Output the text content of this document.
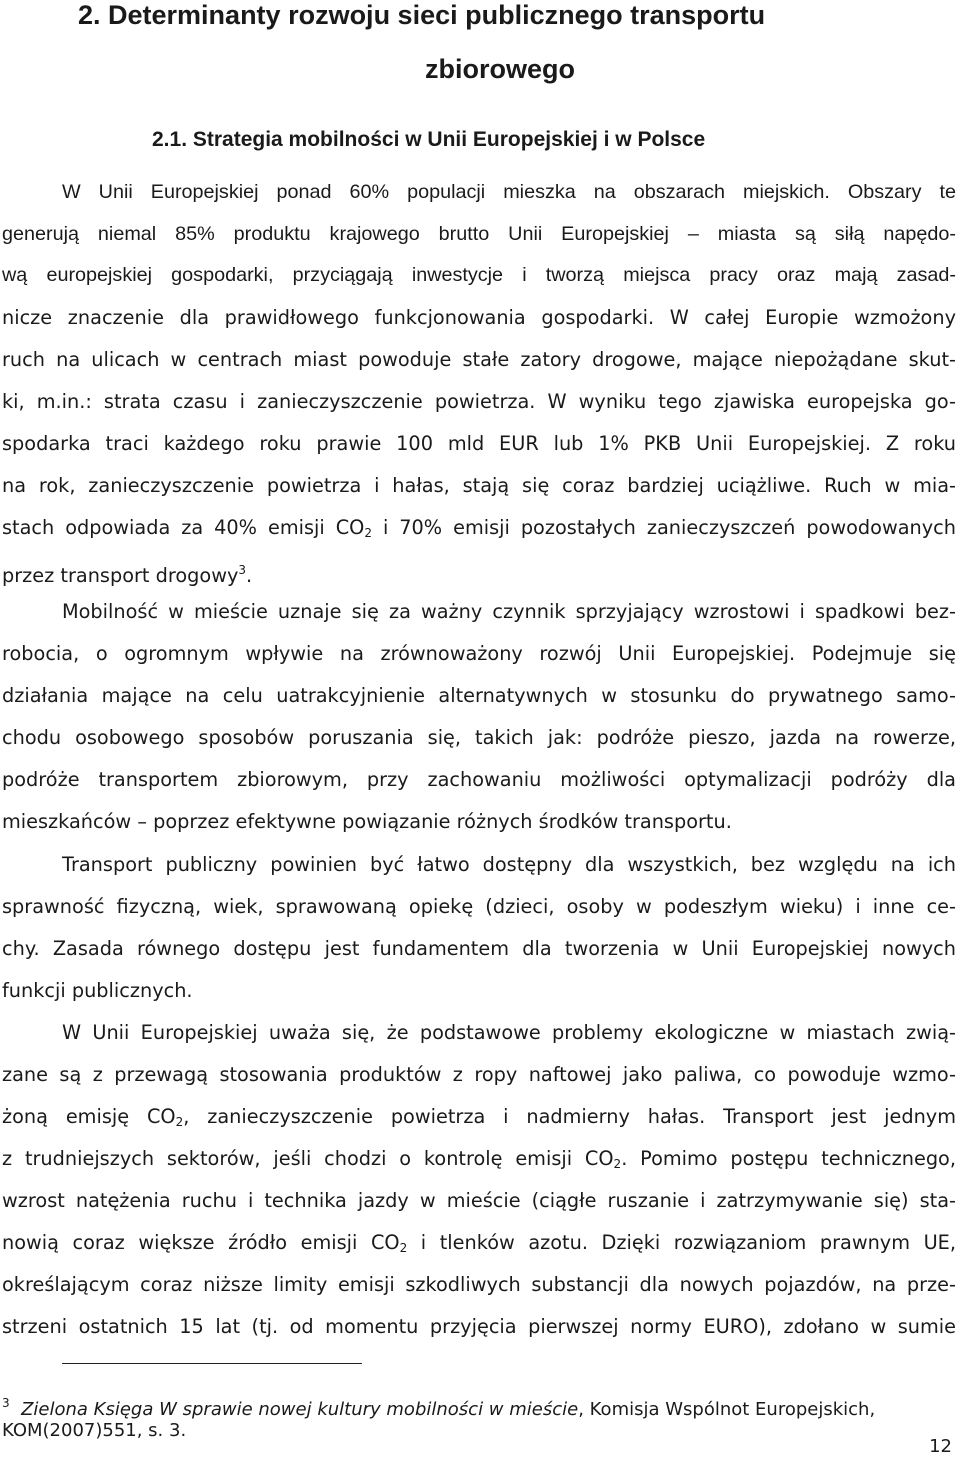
2. Determinanty rozwoju sieci publicznego transportu
zbiorowego
2.1. Strategia mobilności w Unii Europejskiej i w Polsce
W Unii Europejskiej ponad 60% populacji mieszka na obszarach miejskich. Obszary te
generują niemal 85% produktu krajowego brutto Unii Europejskiej – miasta są siłą napędo-
wą europejskiej gospodarki, przyciągają inwestycje i tworzą miejsca pracy oraz mają zasad-
nicze znaczenie dla prawidłowego funkcjonowania gospodarki. W całej Europie wzmożony
ruch na ulicach w centrach miast powoduje stałe zatory drogowe, mające niepożądane skut-
ki, m.in.: strata czasu i zanieczyszczenie powietrza. W wyniku tego zjawiska europejska go-
spodarka traci każdego roku prawie 100 mld EUR lub 1% PKB Unii Europejskiej. Z roku
na rok, zanieczyszczenie powietrza i hałas, stają się coraz bardziej uciążliwe. Ruch w mia-
stach odpowiada za 40% emisji $CO_2$ i 70% emisji pozostałych zanieczyszczeń powodowanych
przez transport drogowy$^3$.
Mobilność w mieście uznaje się za ważny czynnik sprzyjający wzrostowi i spadkowi bez-
robocia, o ogromnym wpływie na zrównoważony rozwój Unii Europejskiej. Podejmuje się
działania mające na celu uatrakcyjnienie alternatywnych w stosunku do prywatnego samo-
chodu osobowego sposobów poruszania się, takich jak: podróże pieszo, jazda na rowerze,
podróże transportem zbiorowym, przy zachowaniu możliwości optymalizacji podróży dla
mieszkańców – poprzez efektywne powiązanie różnych środków transportu.
Transport publiczny powinien być łatwo dostępny dla wszystkich, bez względu na ich
sprawność fizyczną, wiek, sprawowaną opiekę (dzieci, osoby w podeszłym wieku) i inne ce-
chy. Zasada równego dostępu jest fundamentem dla tworzenia w Unii Europejskiej nowych
funkcji publicznych.
W Unii Europejskiej uważa się, że podstawowe problemy ekologiczne w miastach zwią-
zane są z przewagą stosowania produktów z ropy naftowej jako paliwa, co powoduje wzmo-
żoną emisję $CO_2$, zanieczyszczenie powietrza i nadmierny hałas. Transport jest jednym
z trudniejszych sektorów, jeśli chodzi o kontrolę emisji $CO_2$. Pomimo postępu technicznego,
wzrost natężenia ruchu i technika jazdy w mieście (ciągłe ruszanie i zatrzymywanie się) sta-
nowią coraz większe źródło emisji $CO_2$ i tlenków azotu. Dzięki rozwiązaniom prawnym UE,
określającym coraz niższe limity emisji szkodliwych substancji dla nowych pojazdów, na prze-
strzeni ostatnich 15 lat (tj. od momentu przyjęcia pierwszej normy EURO), zdołano w sumie
$^3$ Zielona Księga W sprawie nowej kultury mobilności w mieście, Komisja Wspólnot Europejskich,
KOM(2007)551, s. 3.
12
